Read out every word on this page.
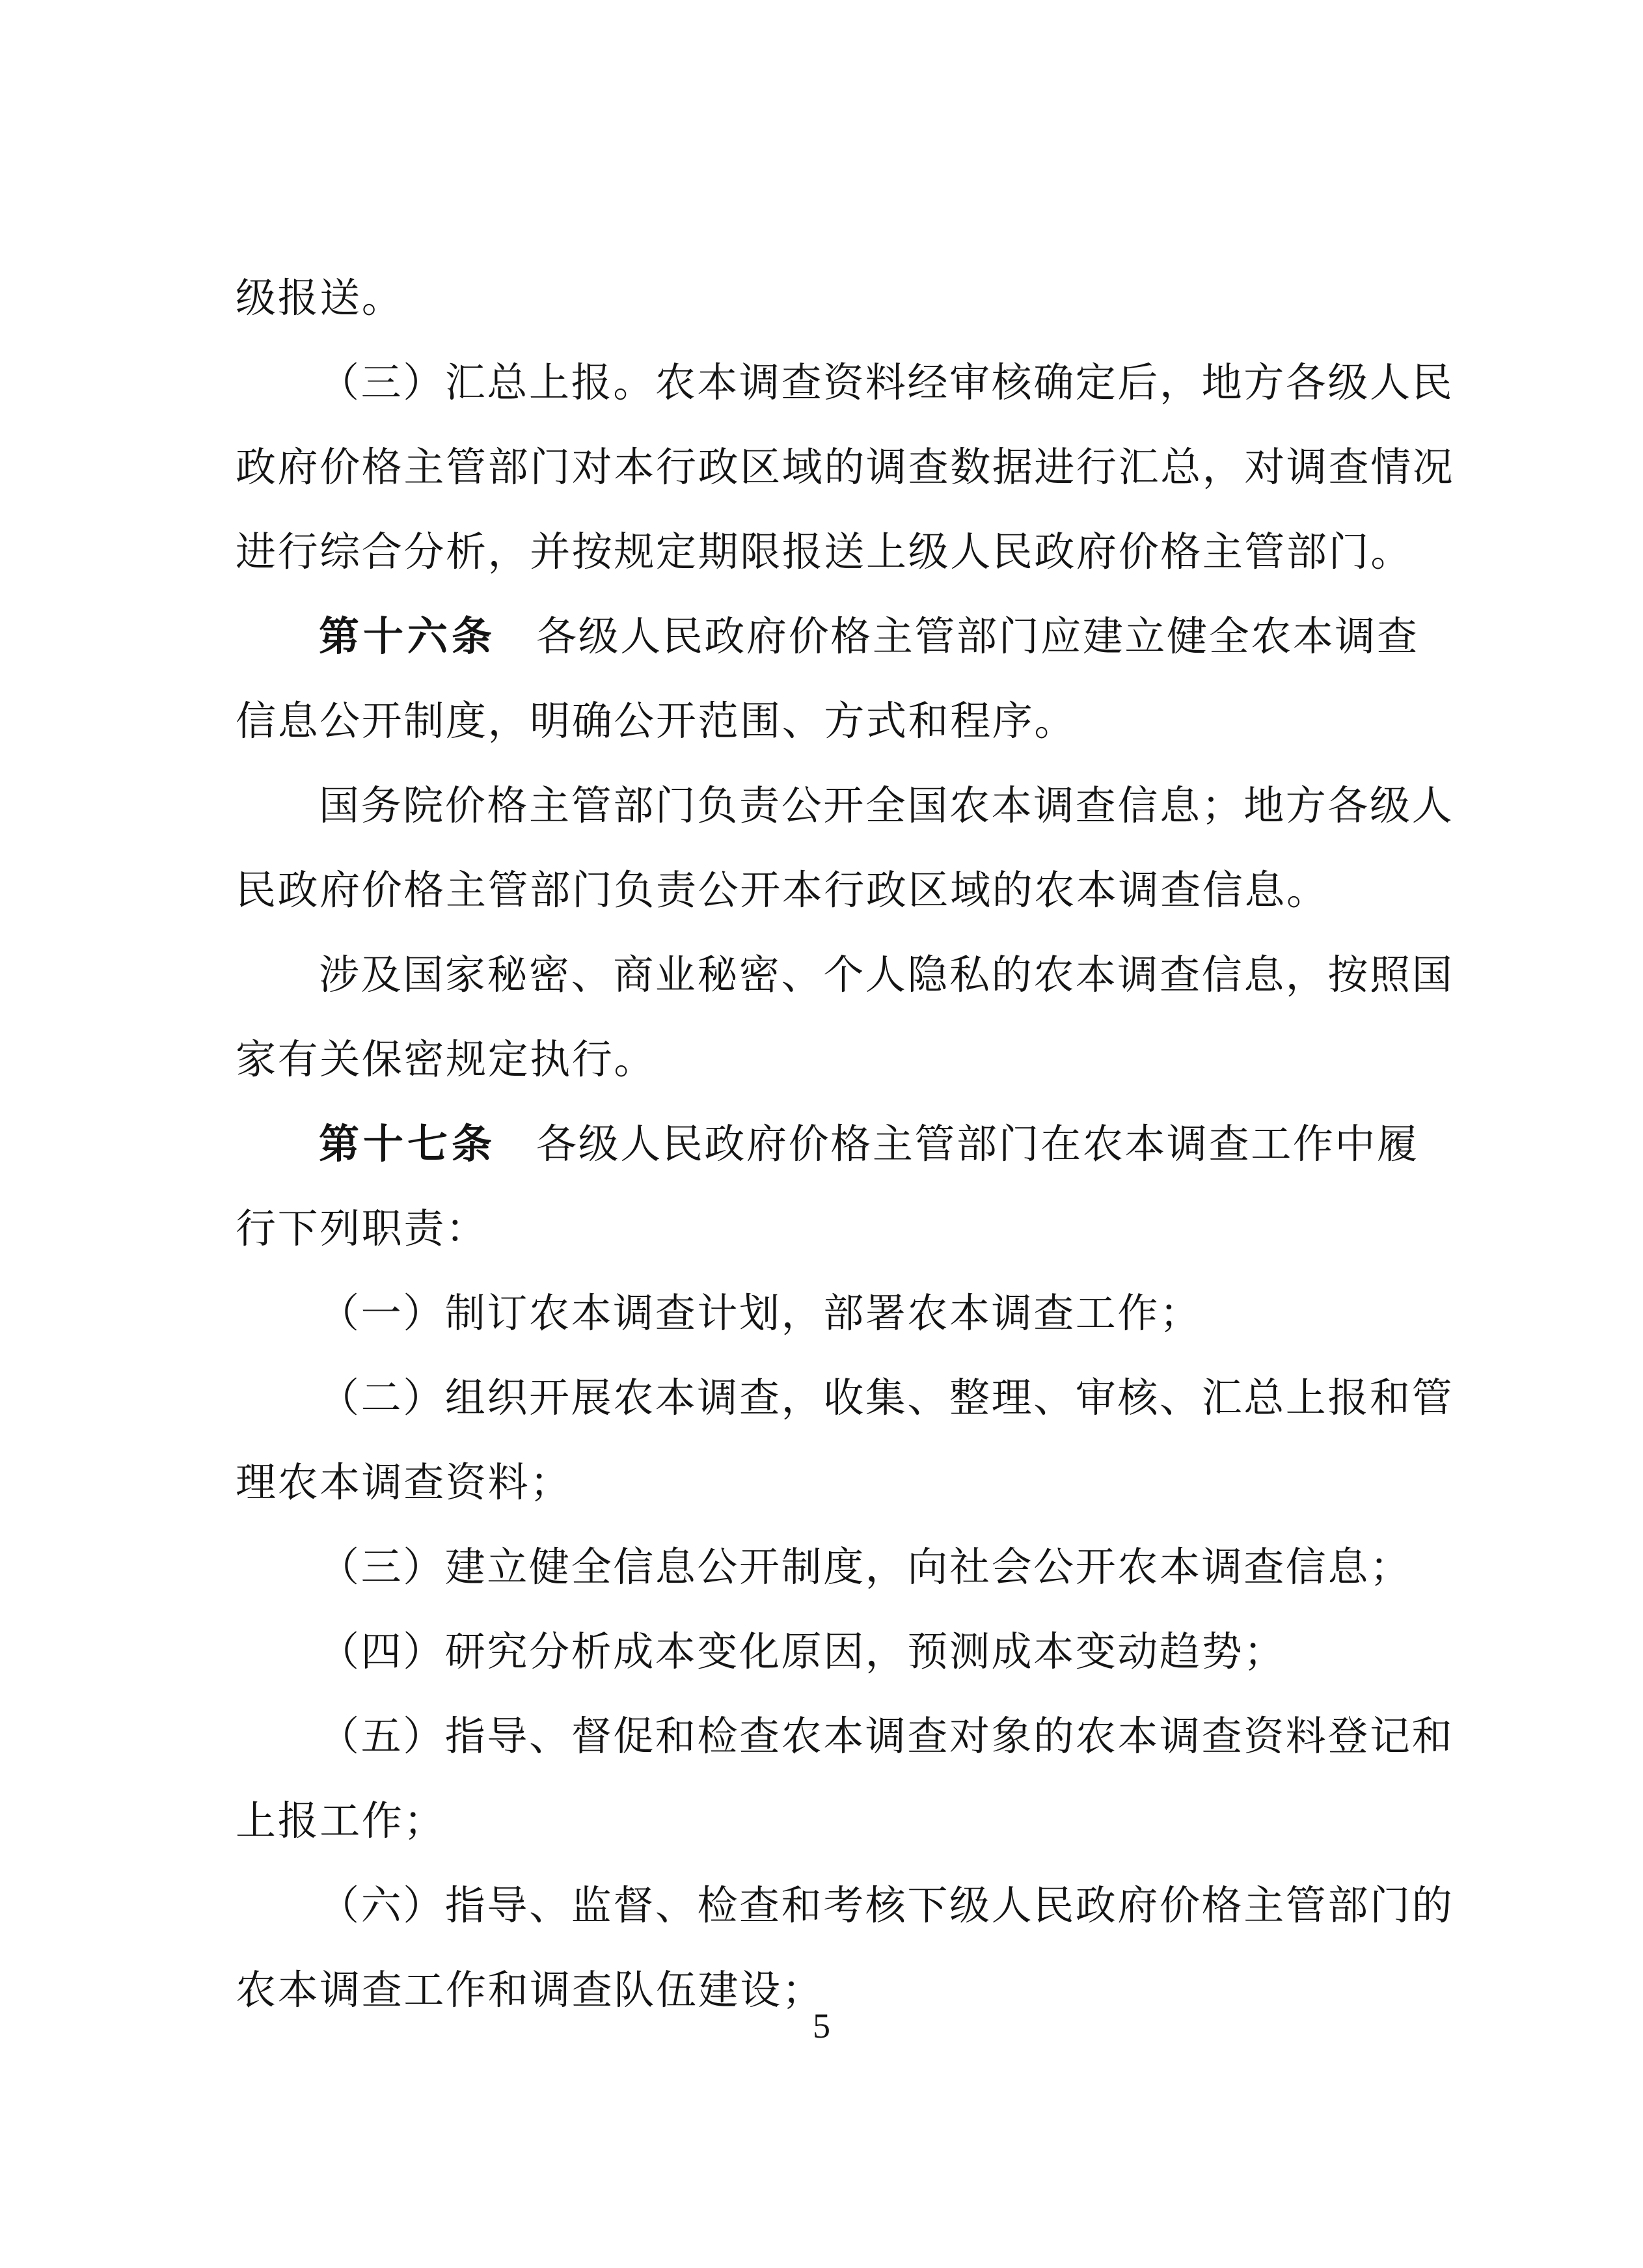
级报送。
（三）汇总上报。农本调查资料经审核确定后，地方各级人民
政府价格主管部门对本行政区域的调查数据进行汇总，对调查情况
进行综合分析，并按规定期限报送上级人民政府价格主管部门。
第十六条 各级人民政府价格主管部门应建立健全农本调查
信息公开制度，明确公开范围、方式和程序。
国务院价格主管部门负责公开全国农本调查信息；地方各级人
民政府价格主管部门负责公开本行政区域的农本调查信息。
涉及国家秘密、商业秘密、个人隐私的农本调查信息，按照国
家有关保密规定执行。
第十七条 各级人民政府价格主管部门在农本调查工作中履
行下列职责：
（一）制订农本调查计划，部署农本调查工作；
（二）组织开展农本调查，收集、整理、审核、汇总上报和管
理农本调查资料；
（三）建立健全信息公开制度，向社会公开农本调查信息；
（四）研究分析成本变化原因，预测成本变动趋势；
（五）指导、督促和检查农本调查对象的农本调查资料登记和
上报工作；
（六）指导、监督、检查和考核下级人民政府价格主管部门的
农本调查工作和调查队伍建设；
5
